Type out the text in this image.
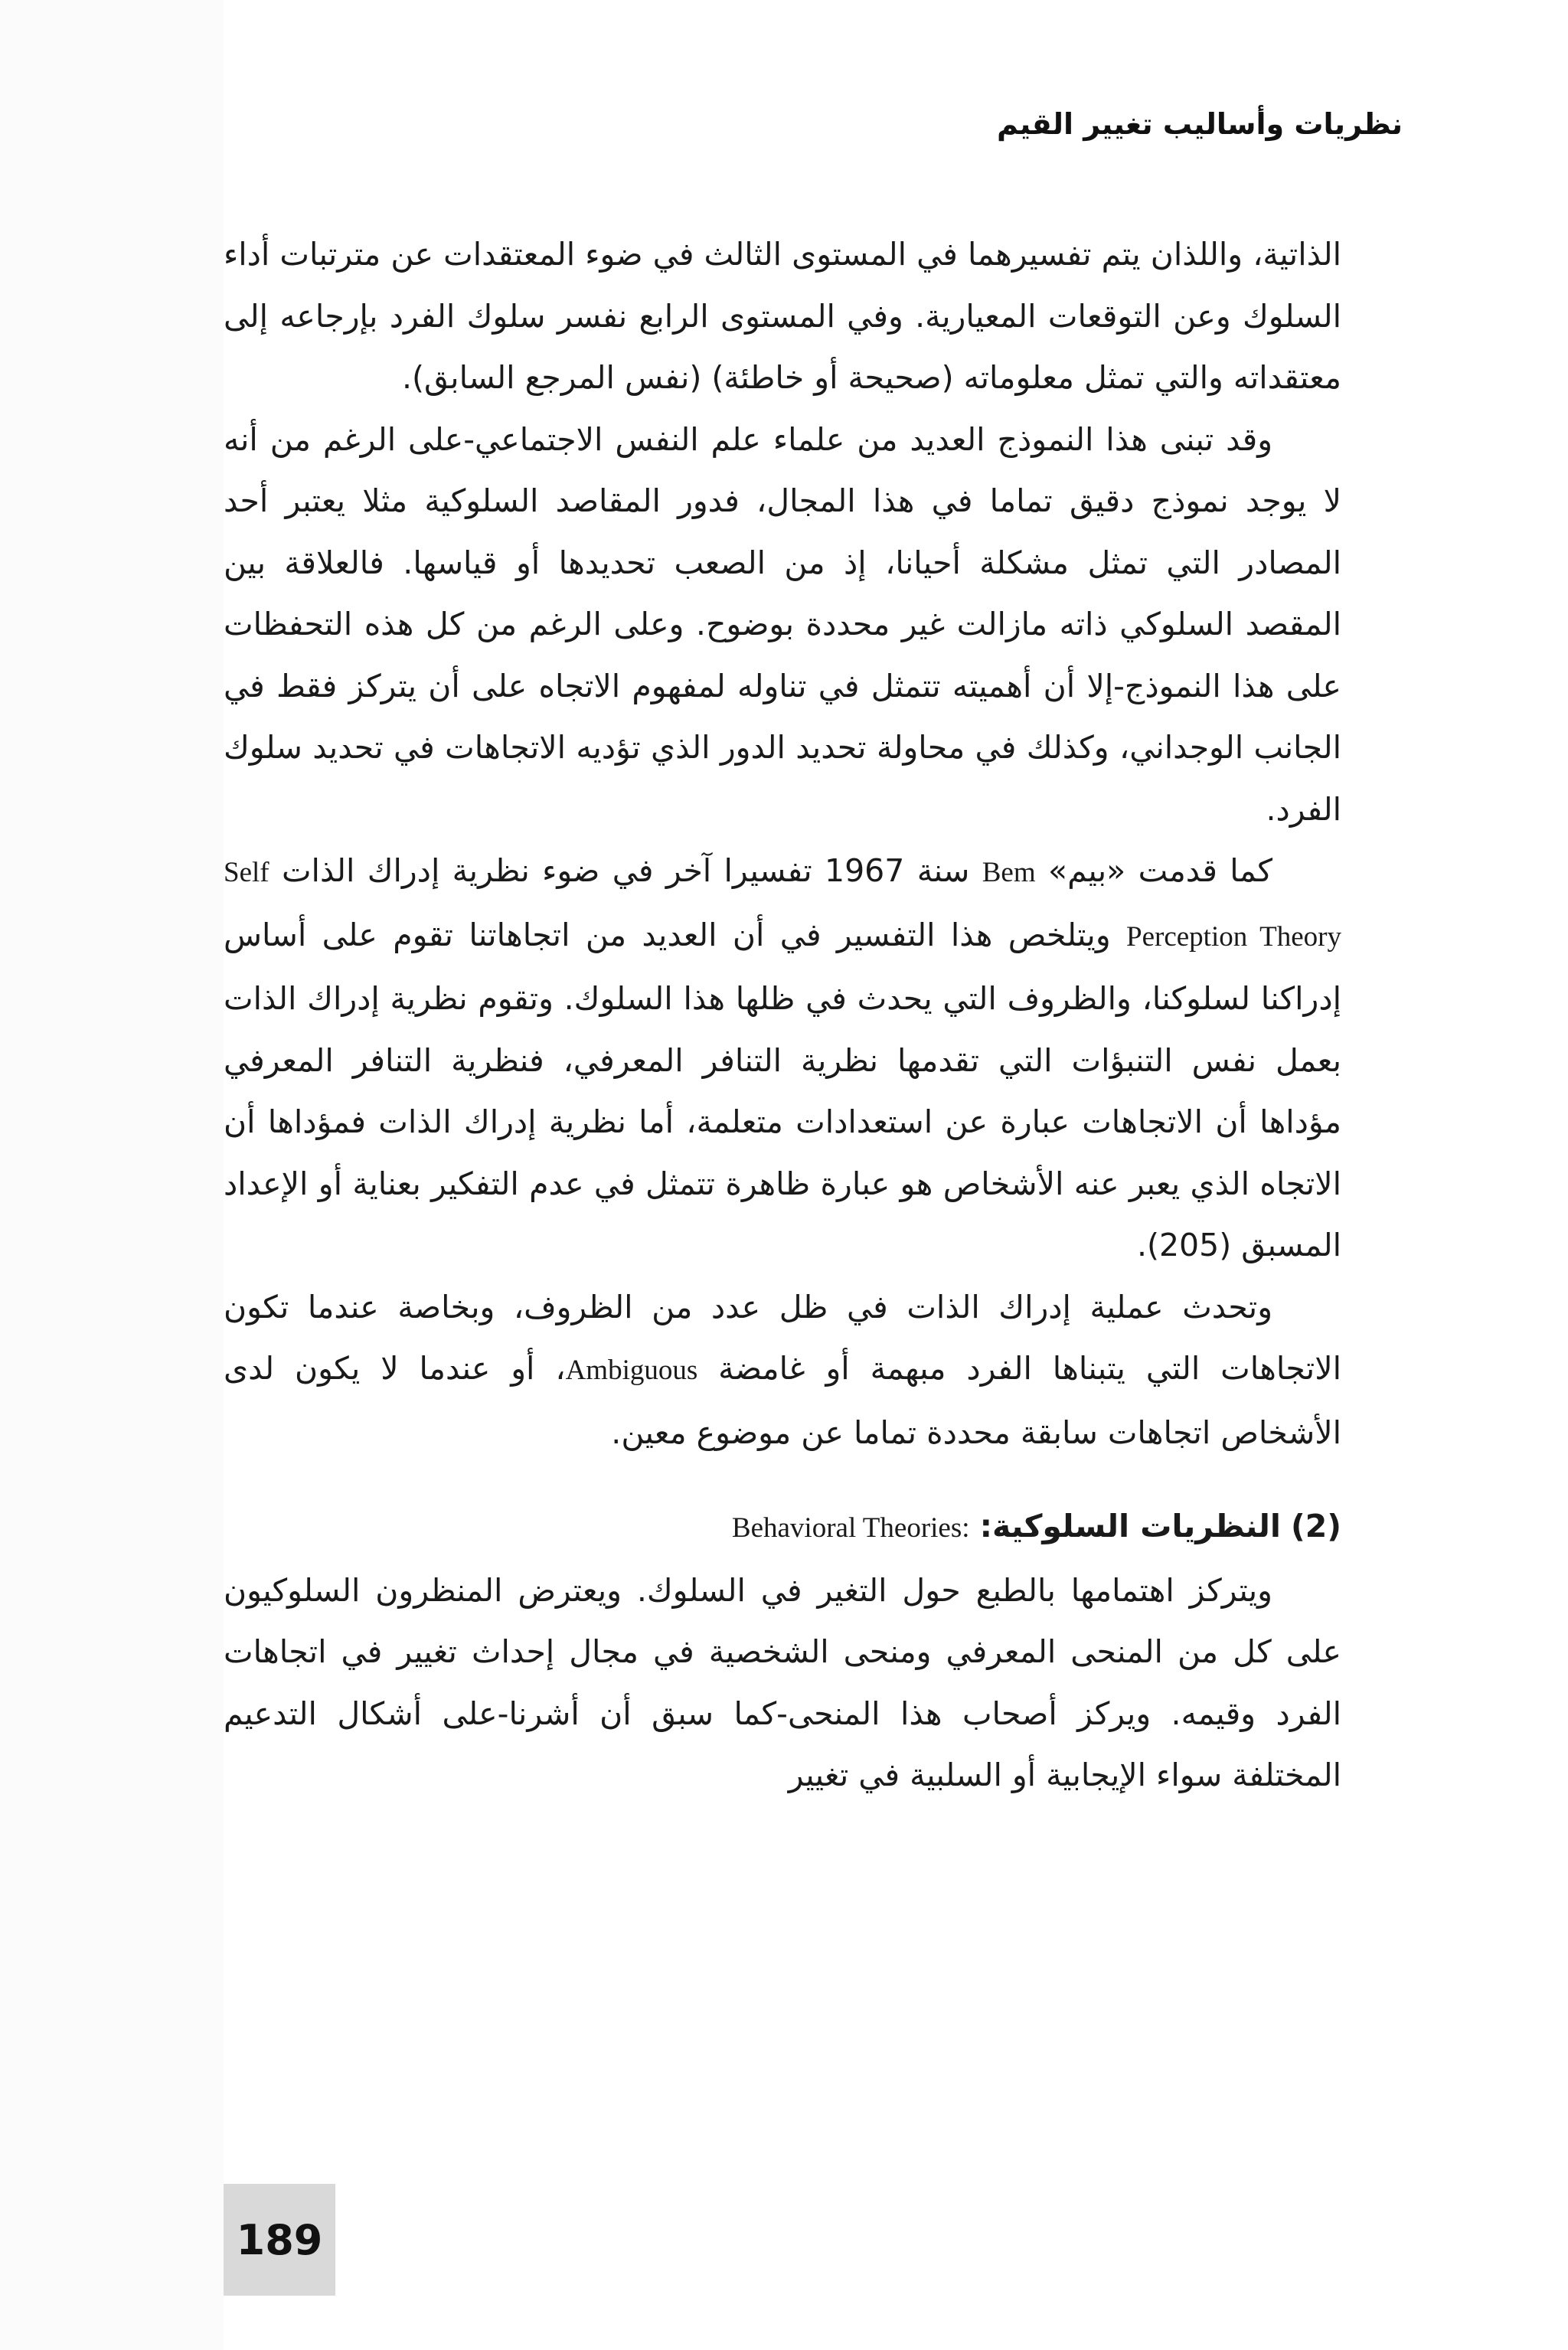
نظريات وأساليب تغيير القيم

الذاتية، واللذان يتم تفسيرهما في المستوى الثالث في ضوء المعتقدات عن مترتبات أداء السلوك وعن التوقعات المعيارية. وفي المستوى الرابع نفسر سلوك الفرد بإرجاعه إلى معتقداته والتي تمثل معلوماته (صحيحة أو خاطئة) (نفس المرجع السابق).

وقد تبنى هذا النموذج العديد من علماء علم النفس الاجتماعي-على الرغم من أنه لا يوجد نموذج دقيق تماما في هذا المجال، فدور المقاصد السلوكية مثلا يعتبر أحد المصادر التي تمثل مشكلة أحيانا، إذ من الصعب تحديدها أو قياسها. فالعلاقة بين المقصد السلوكي ذاته مازالت غير محددة بوضوح. وعلى الرغم من كل هذه التحفظات على هذا النموذج-إلا أن أهميته تتمثل في تناوله لمفهوم الاتجاه على أن يتركز فقط في الجانب الوجداني، وكذلك في محاولة تحديد الدور الذي تؤديه الاتجاهات في تحديد سلوك الفرد.

كما قدمت «بيم» Bem سنة 1967 تفسيرا آخر في ضوء نظرية إدراك الذات Self Perception Theory ويتلخص هذا التفسير في أن العديد من اتجاهاتنا تقوم على أساس إدراكنا لسلوكنا، والظروف التي يحدث في ظلها هذا السلوك. وتقوم نظرية إدراك الذات بعمل نفس التنبؤات التي تقدمها نظرية التنافر المعرفي، فنظرية التنافر المعرفي مؤداها أن الاتجاهات عبارة عن استعدادات متعلمة، أما نظرية إدراك الذات فمؤداها أن الاتجاه الذي يعبر عنه الأشخاص هو عبارة ظاهرة تتمثل في عدم التفكير بعناية أو الإعداد المسبق (205).

وتحدث عملية إدراك الذات في ظل عدد من الظروف، وبخاصة عندما تكون الاتجاهات التي يتبناها الفرد مبهمة أو غامضة Ambiguous، أو عندما لا يكون لدى الأشخاص اتجاهات سابقة محددة تماما عن موضوع معين.

(2) النظريات السلوكية: Behavioral Theories:

ويتركز اهتمامها بالطبع حول التغير في السلوك. ويعترض المنظرون السلوكيون على كل من المنحى المعرفي ومنحى الشخصية في مجال إحداث تغيير في اتجاهات الفرد وقيمه. ويركز أصحاب هذا المنحى-كما سبق أن أشرنا-على أشكال التدعيم المختلفة سواء الإيجابية أو السلبية في تغيير

189
